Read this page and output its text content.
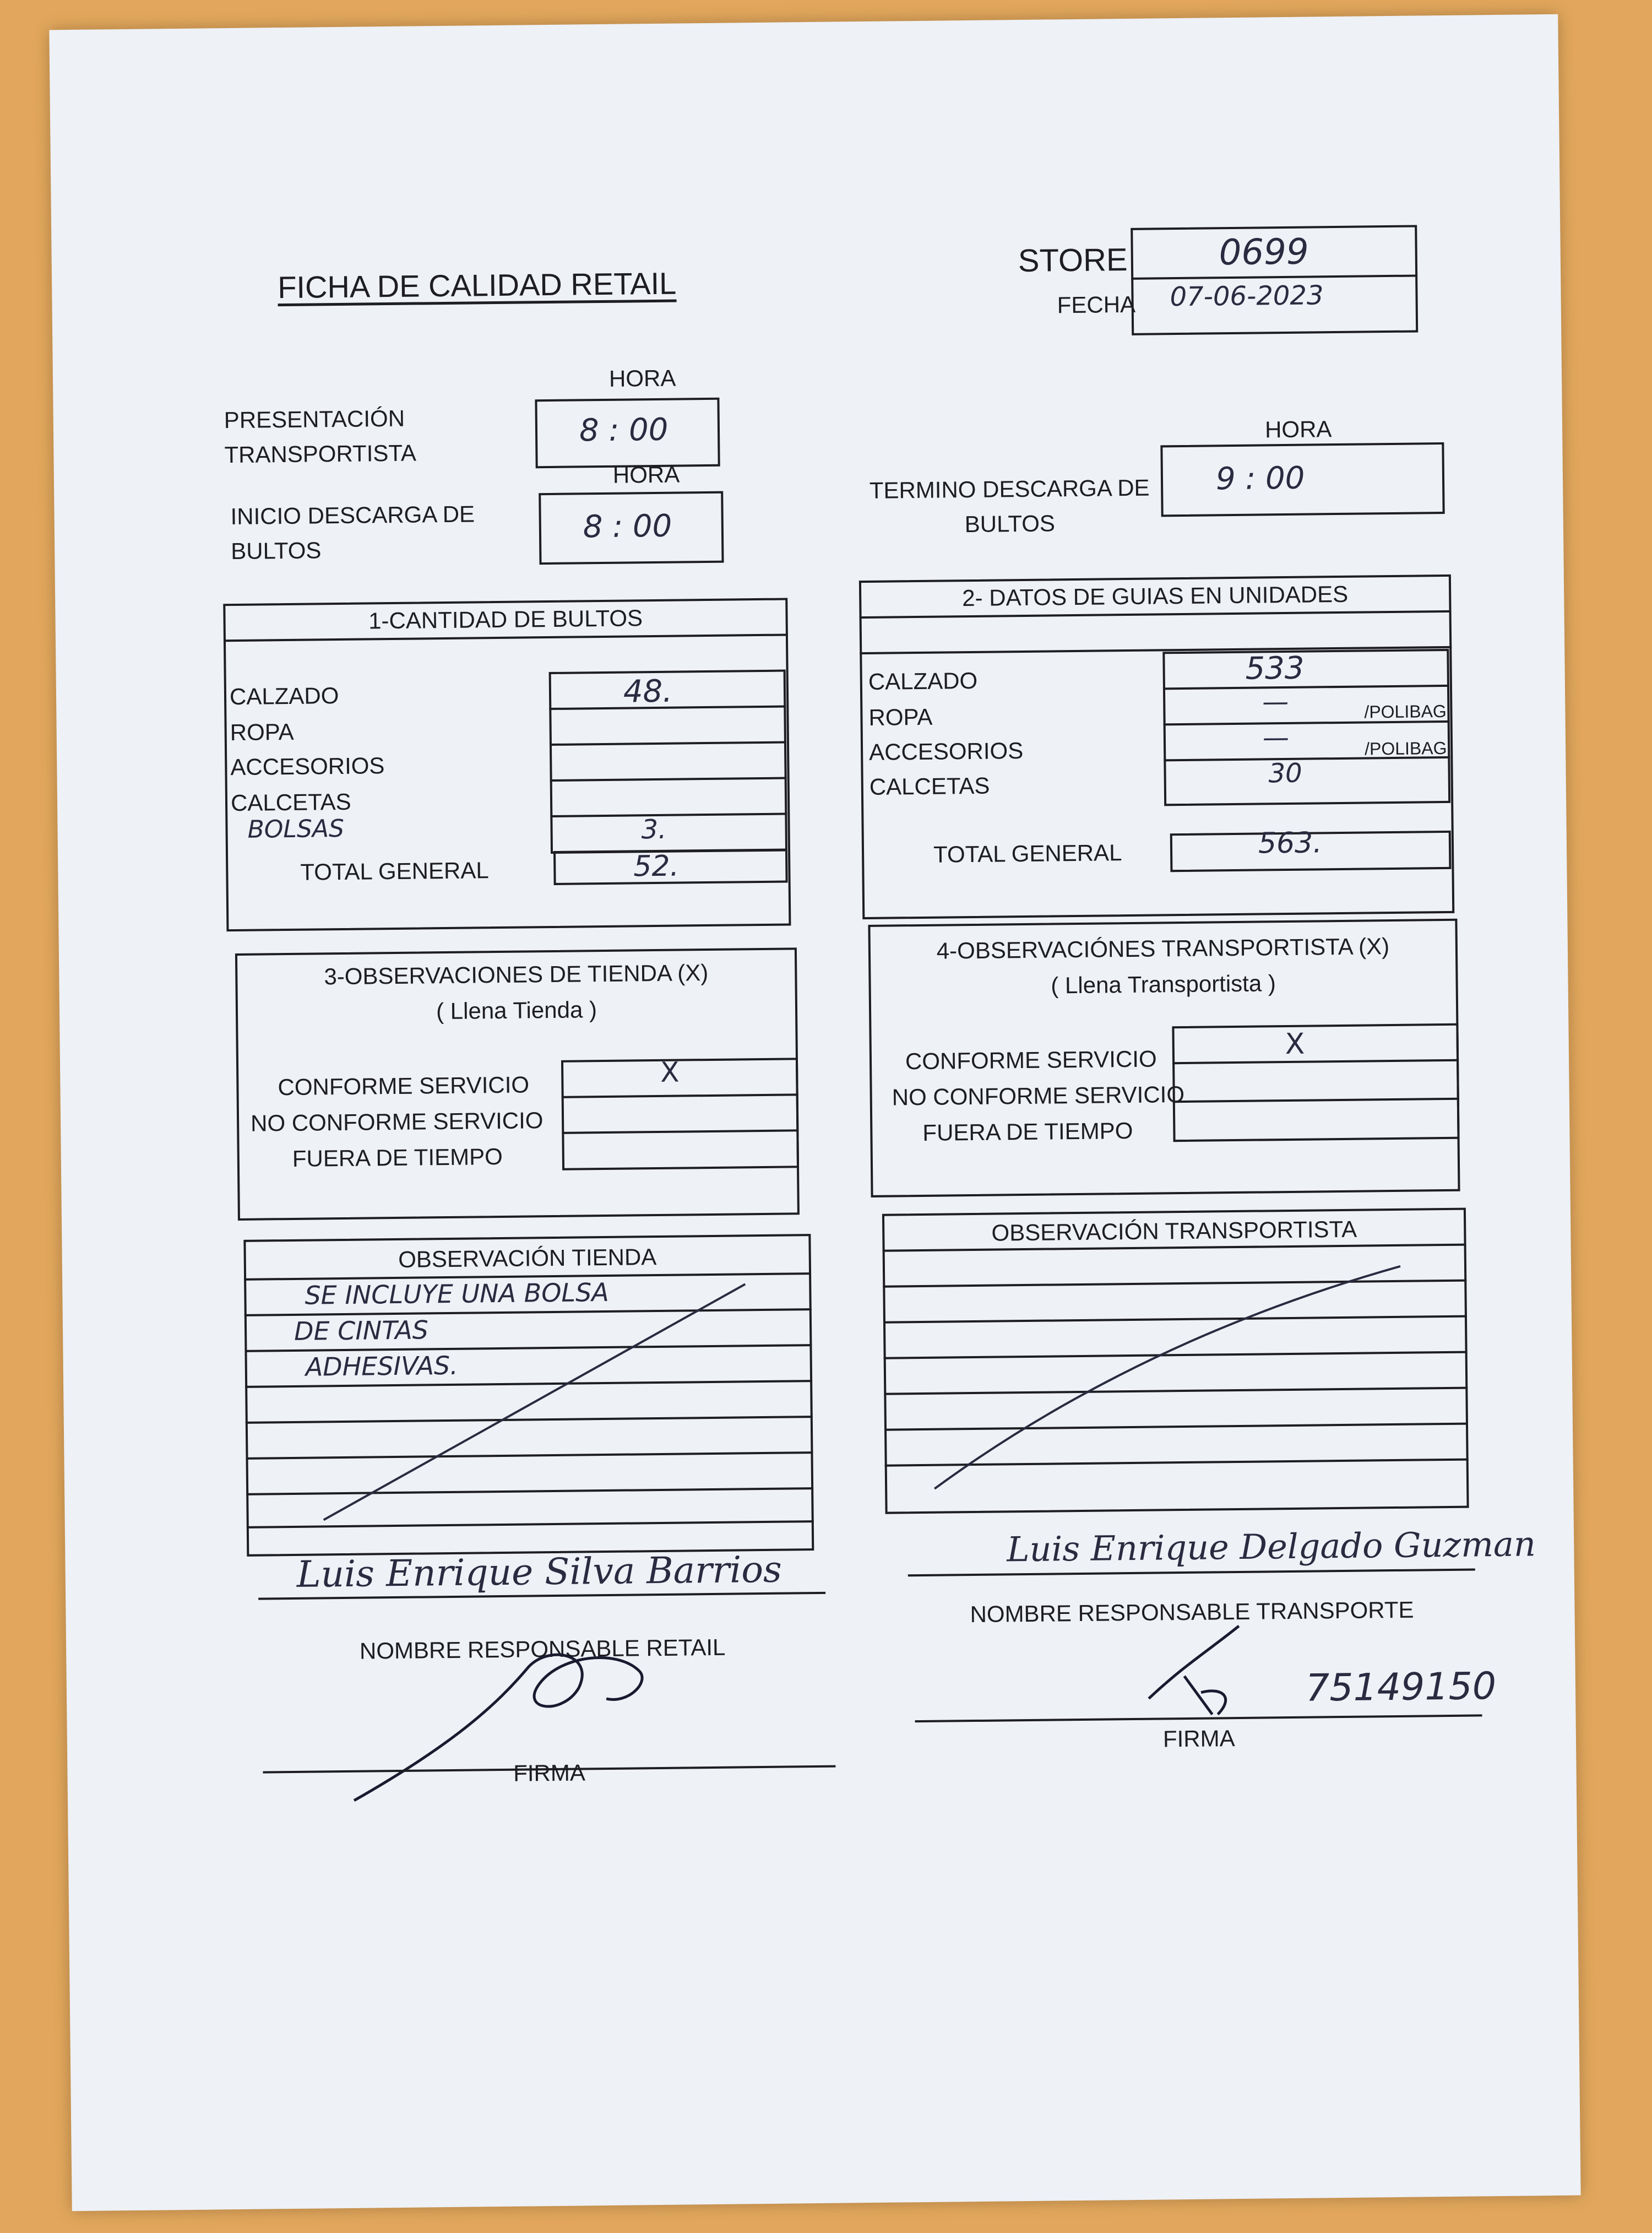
FICHA DE CALIDAD RETAIL
STORE
FECHA
0699
07-06-2023
HORA
PRESENTACIÓN TRANSPORTISTA
8 : 00
HORA
INICIO DESCARGA DE BULTOS
8 : 00
HORA
TERMINO DESCARGA DE BULTOS
9 : 00
1-CANTIDAD DE BULTOS
CALZADO
ROPA
ACCESORIOS
CALCETAS
BOLSAS
48.
3.
TOTAL GENERAL	52.
2- DATOS DE GUIAS EN UNIDADES
CALZADO
ROPA
ACCESORIOS
CALCETAS
533
—
—
30
/POLIBAG
/POLIBAG
TOTAL GENERAL	563.
3-OBSERVACIONES DE TIENDA (X)
( Llena Tienda )
CONFORME SERVICIO
NO CONFORME SERVICIO
FUERA DE TIEMPO
X
4-OBSERVACIÓNES TRANSPORTISTA (X)
( Llena Transportista )
CONFORME SERVICIO
NO CONFORME SERVICIO
FUERA DE TIEMPO
X
OBSERVACIÓN TIENDA
SE INCLUYE UNA BOLSA
DE CINTAS
ADHESIVAS.
OBSERVACIÓN TRANSPORTISTA
Luis Enrique Silva Barrios
NOMBRE RESPONSABLE RETAIL
FIRMA
Luis Enrique Delgado Guzman
NOMBRE RESPONSABLE TRANSPORTE
75149150
FIRMA
